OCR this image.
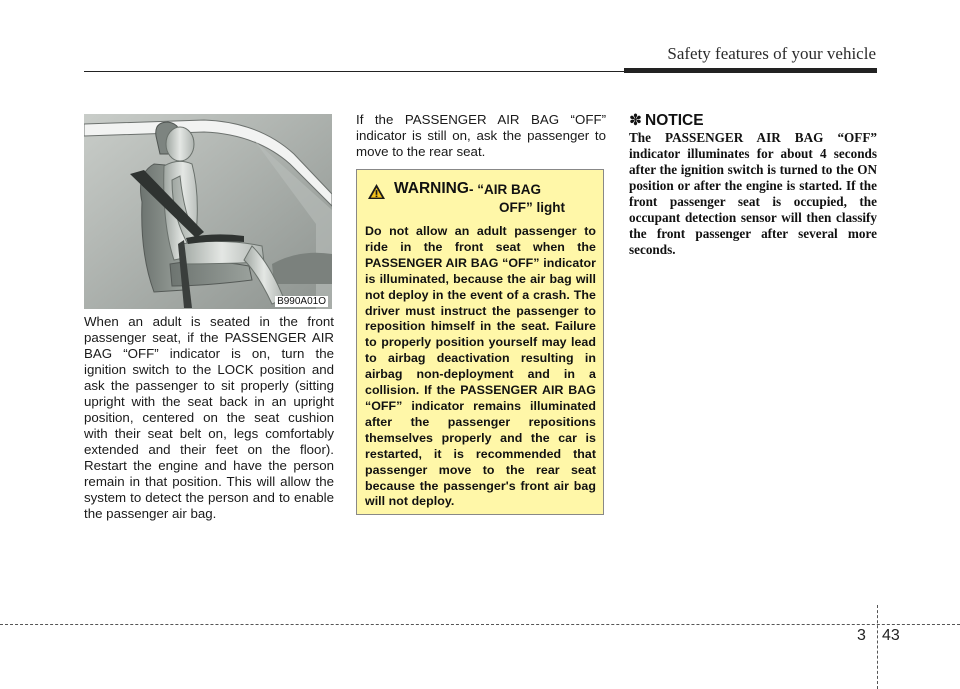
Safety features of your vehicle
B990A01O
When an adult is seated in the front passenger seat, if the PASSENGER AIR BAG “OFF” indicator is on, turn the ignition switch to the LOCK position and ask the passenger to sit properly (sitting upright with the seat back in an upright position, centered on the seat cushion with their seat belt on, legs comfortably extended and their feet on the floor). Restart the engine and have the person remain in that position. This will allow the system to detect the person and to enable the passenger air bag.
If the PASSENGER AIR BAG “OFF” indicator is still on, ask the passenger to move to the rear seat.
WARNING - “AIR BAG
OFF” light
Do not allow an adult passenger to ride in the front seat when the PASSENGER AIR BAG “OFF” indicator is illuminated, because the air bag will not deploy in the event of a crash. The driver must instruct the passenger to reposition himself in the seat. Failure to properly position yourself may lead to airbag deactivation resulting in airbag non-deployment and in a collision. If the PASSENGER AIR BAG “OFF” indicator remains illuminated after the passenger repositions themselves properly and the car is restarted, it is recommended that passenger move to the rear seat because the passenger's front air bag will not deploy.
✽ NOTICE
The PASSENGER AIR BAG “OFF” indicator illuminates for about 4 seconds after the ignition switch is turned to the ON position or after the engine is started. If the front passenger seat is occupied, the occupant detection sensor will then classify the front passenger after several more seconds.
3 43
